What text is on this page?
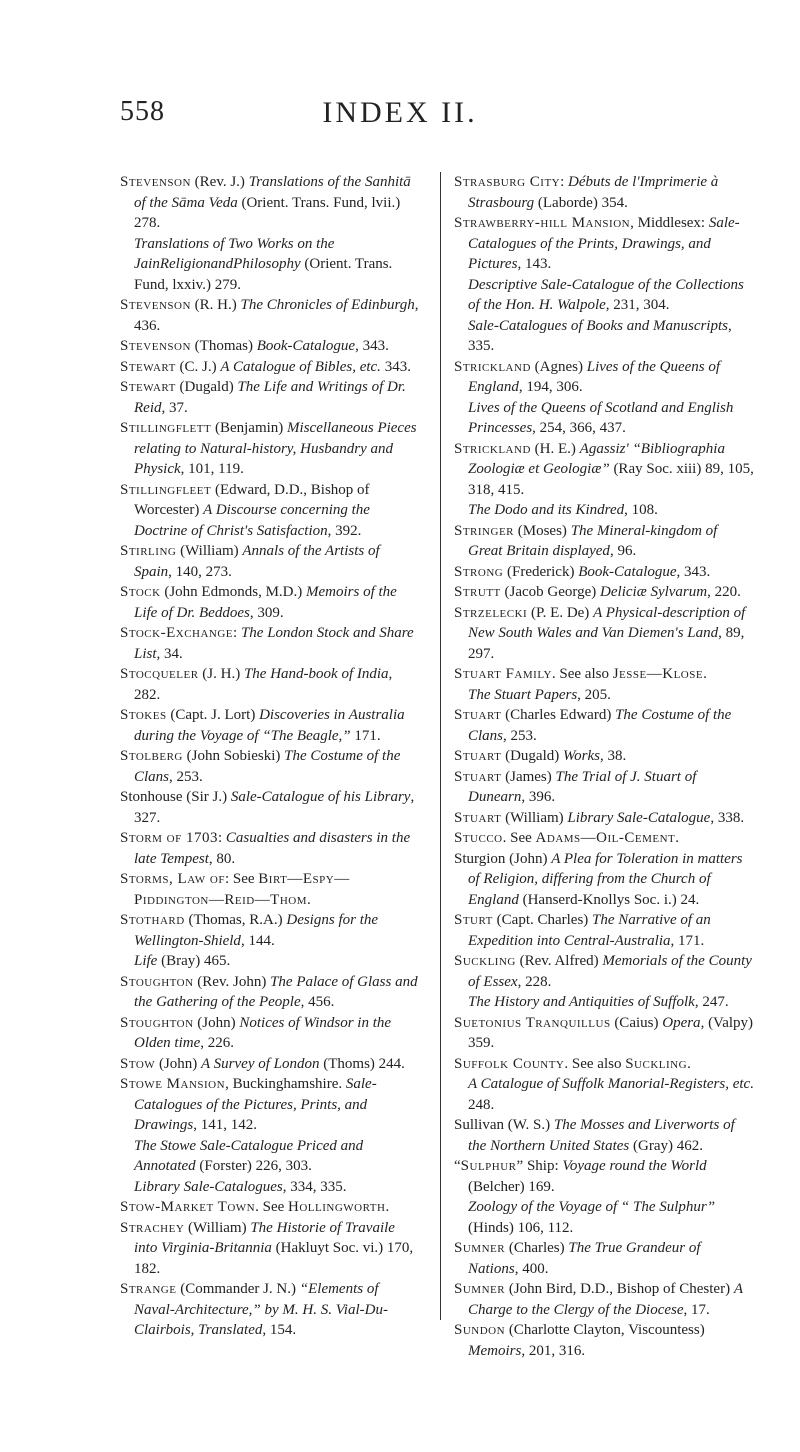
558	INDEX II.

Stevenson (Rev. J.) Translations of the Sanhitā of the Sāma Veda (Orient. Trans. Fund, lvii.) 278.

Translations of Two Works on the JainReligionandPhilosophy (Orient. Trans. Fund, lxxiv.) 279.

Stevenson (R. H.) The Chronicles of Edinburgh, 436.

Stevenson (Thomas) Book-Catalogue, 343.

Stewart (C. J.) A Catalogue of Bibles, etc. 343.

Stewart (Dugald) The Life and Writings of Dr. Reid, 37.

Stillingflett (Benjamin) Miscellaneous Pieces relating to Natural-history, Husbandry and Physick, 101, 119.

Stillingfleet (Edward, D.D., Bishop of Worcester) A Discourse concerning the Doctrine of Christ's Satisfaction, 392.

Stirling (William) Annals of the Artists of Spain, 140, 273.

Stock (John Edmonds, M.D.) Memoirs of the Life of Dr. Beddoes, 309.

Stock-Exchange: The London Stock and Share List, 34.

Stocqueler (J. H.) The Hand-book of India, 282.

Stokes (Capt. J. Lort) Discoveries in Australia during the Voyage of “The Beagle,” 171.

Stolberg (John Sobieski) The Costume of the Clans, 253.

Stonhouse (Sir J.) Sale-Catalogue of his Library, 327.

Storm of 1703: Casualties and disasters in the late Tempest, 80.

Storms, Law of: See Birt—Espy—Piddington—Reid—Thom.

Stothard (Thomas, R.A.) Designs for the Wellington-Shield, 144.

Life (Bray) 465.

Stoughton (Rev. John) The Palace of Glass and the Gathering of the People, 456.

Stoughton (John) Notices of Windsor in the Olden time, 226.

Stow (John) A Survey of London (Thoms) 244.

Stowe Mansion, Buckinghamshire. Sale-Catalogues of the Pictures, Prints, and Drawings, 141, 142.

The Stowe Sale-Catalogue Priced and Annotated (Forster) 226, 303.

Library Sale-Catalogues, 334, 335.

Stow-Market Town. See Hollingworth.

Strachey (William) The Historie of Travaile into Virginia-Britannia (Hakluyt Soc. vi.) 170, 182.

Strange (Commander J. N.) “Elements of Naval-Architecture,” by M. H. S. Vial-Du-Clairbois, Translated, 154.

Strasburg City: Débuts de l'Imprimerie à Strasbourg (Laborde) 354.

Strawberry-hill Mansion, Middlesex: Sale-Catalogues of the Prints, Drawings, and Pictures, 143.

Descriptive Sale-Catalogue of the Collections of the Hon. H. Walpole, 231, 304.

Sale-Catalogues of Books and Manuscripts, 335.

Strickland (Agnes) Lives of the Queens of England, 194, 306.

Lives of the Queens of Scotland and English Princesses, 254, 366, 437.

Strickland (H. E.) Agassiz' “Bibliographia Zoologiæ et Geologiæ” (Ray Soc. xiii) 89, 105, 318, 415.

The Dodo and its Kindred, 108.

Stringer (Moses) The Mineral-kingdom of Great Britain displayed, 96.

Strong (Frederick) Book-Catalogue, 343.

Strutt (Jacob George) Deliciæ Sylvarum, 220.

Strzelecki (P. E. De) A Physical-description of New South Wales and Van Diemen's Land, 89, 297.

Stuart Family. See also Jesse—Klose.

The Stuart Papers, 205.

Stuart (Charles Edward) The Costume of the Clans, 253.

Stuart (Dugald) Works, 38.

Stuart (James) The Trial of J. Stuart of Dunearn, 396.

Stuart (William) Library Sale-Catalogue, 338.

Stucco. See Adams—Oil-Cement.

Sturgion (John) A Plea for Toleration in matters of Religion, differing from the Church of England (Hanserd-Knollys Soc. i.) 24.

Sturt (Capt. Charles) The Narrative of an Expedition into Central-Australia, 171.

Suckling (Rev. Alfred) Memorials of the County of Essex, 228.

The History and Antiquities of Suffolk, 247.

Suetonius Tranquillus (Caius) Opera, (Valpy) 359.

Suffolk County. See also Suckling.

A Catalogue of Suffolk Manorial-Registers, etc. 248.

Sullivan (W. S.) The Mosses and Liverworts of the Northern United States (Gray) 462.

“Sulphur” Ship: Voyage round the World (Belcher) 169.

Zoology of the Voyage of “ The Sulphur” (Hinds) 106, 112.

Sumner (Charles) The True Grandeur of Nations, 400.

Sumner (John Bird, D.D., Bishop of Chester) A Charge to the Clergy of the Diocese, 17.

Sundon (Charlotte Clayton, Viscountess) Memoirs, 201, 316.
